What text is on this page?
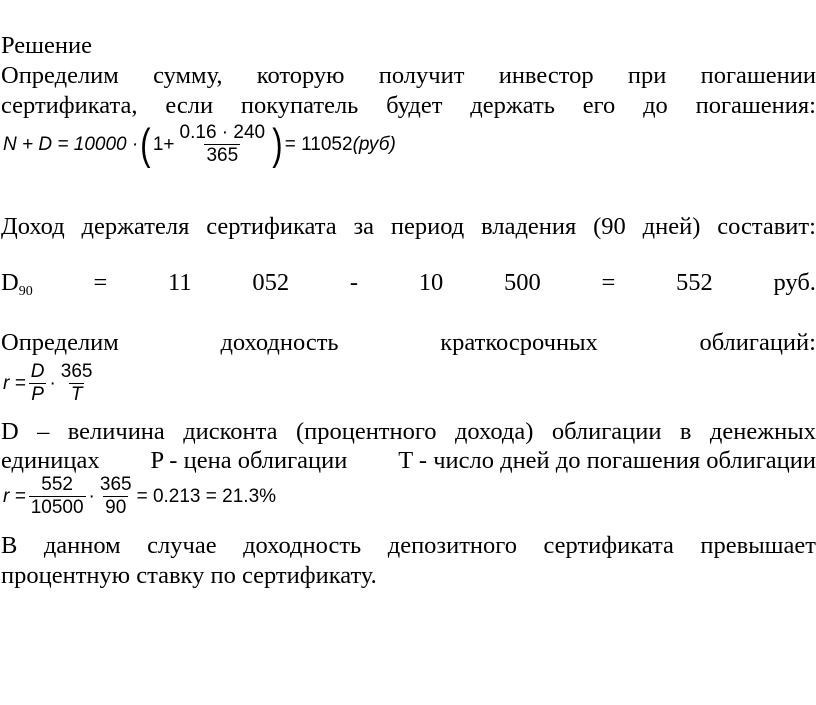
Решение
Определим сумму, которую получит инвестор при погашении
сертификата, если покупатель будет держать его до погашения:
N + D = 10000 · ( $1+ \frac{0.16 \cdot 240}{365}$ ) = 11052 (руб)
Доход держателя сертификата за период владения (90 дней) составит:
$D_{90} = 11$ 052 - 10 500 = 552 руб.
Определим	доходность	краткосрочных	облигаций:
$r = \frac{D}{P} \cdot \frac{365}{T}$
D – величина дисконта (процентного дохода) облигации в денежных
единицах P - цена облигации T - число дней до погашения облигации
$r = \frac{552}{10500} \cdot \frac{365}{90} = 0.213 = 21.3\%$
В данном случае доходность депозитного сертификата превышает
процентную ставку по сертификату.
